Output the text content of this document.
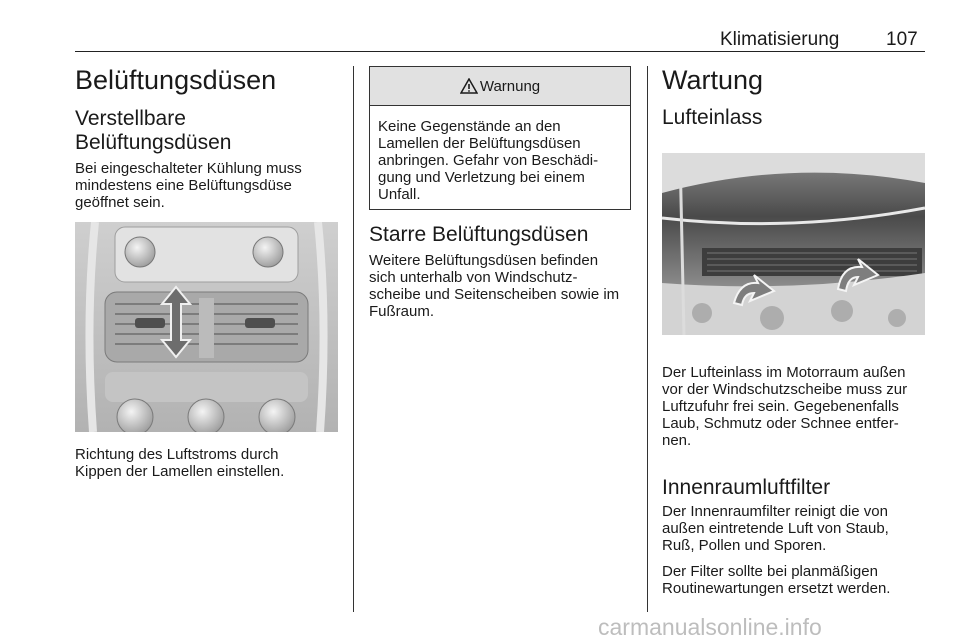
Klimatisierung 107
Belüftungsdüsen
Verstellbare
Belüftungsdüsen
Bei eingeschalteter Kühlung muss
mindestens eine Belüftungsdüse
geöffnet sein.
Richtung des Luftstroms durch
Kippen der Lamellen einstellen.
Warnung
Keine Gegenstände an den
Lamellen der Belüftungsdüsen
anbringen. Gefahr von Beschädi-
gung und Verletzung bei einem
Unfall.
Starre Belüftungsdüsen
Weitere Belüftungsdüsen befinden
sich unterhalb von Windschutz-
scheibe und Seitenscheiben sowie im
Fußraum.
Wartung
Lufteinlass
Der Lufteinlass im Motorraum außen
vor der Windschutzscheibe muss zur
Luftzufuhr frei sein. Gegebenenfalls
Laub, Schmutz oder Schnee entfer-
nen.
Innenraumluftfilter
Der Innenraumfilter reinigt die von
außen eintretende Luft von Staub,
Ruß, Pollen und Sporen.
Der Filter sollte bei planmäßigen
Routinewartungen ersetzt werden.
carmanualsonline.info
